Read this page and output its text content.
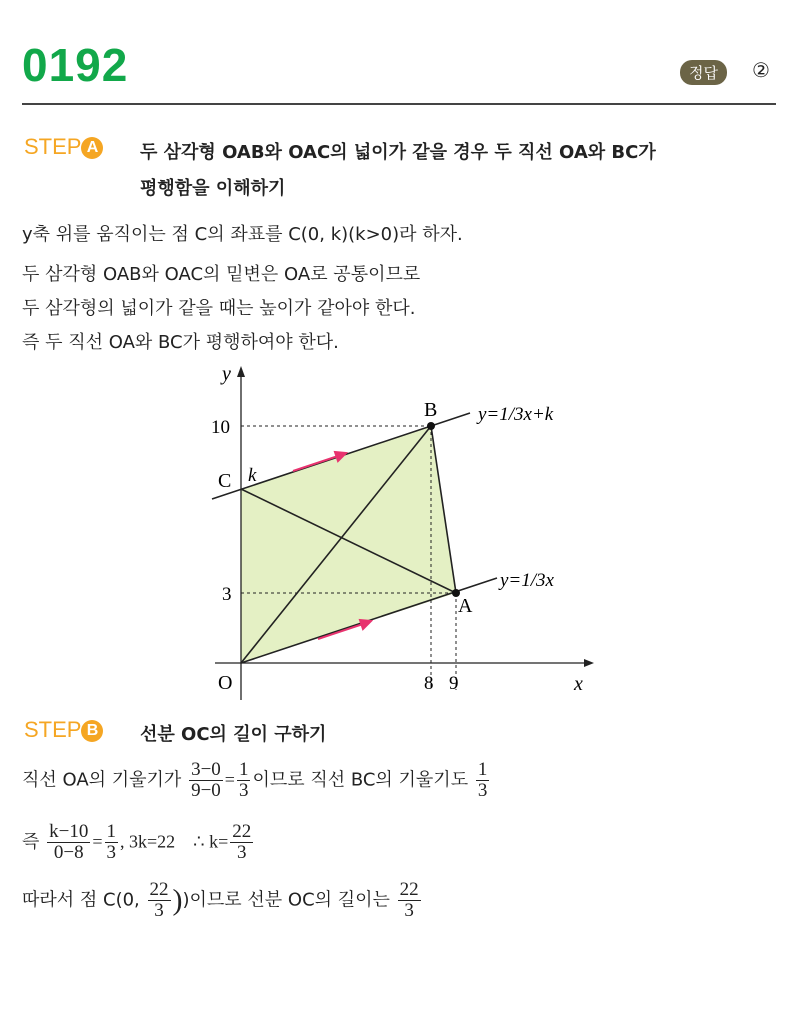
0192	정답	②
STEP A 두 삼각형 OAB와 OAC의 넓이가 같을 경우 두 직선 OA와 BC가
평행함을 이해하기
y축 위를 움직이는 점 C의 좌표를 C(0, k)(k>0)라 하자.
두 삼각형 OAB와 OAC의 밑변은 OA로 공통이므로
두 삼각형의 넓이가 같을 때는 높이가 같아야 한다.
즉 두 직선 OA와 BC가 평행하여야 한다.
O
A
B
C k
y
x
8 9
3
10
y=1/3x+k
y=1/3x
STEP B 선분 OC의 길이 구하기
직선 OA의 기울기가 $\frac{3-0}{9-0} = \frac{1}{3}$ 이므로 직선 BC의 기울기도 $\frac{1}{3}$
즉 $\frac{k-10}{0-8} = \frac{1}{3}$ , 3k=22    ∴ $k= \frac{22}{3}$
따라서 점 C(0, $\frac{22}{3}$ ))이므로 선분 OC의 길이는 $\frac{22}{3}$
